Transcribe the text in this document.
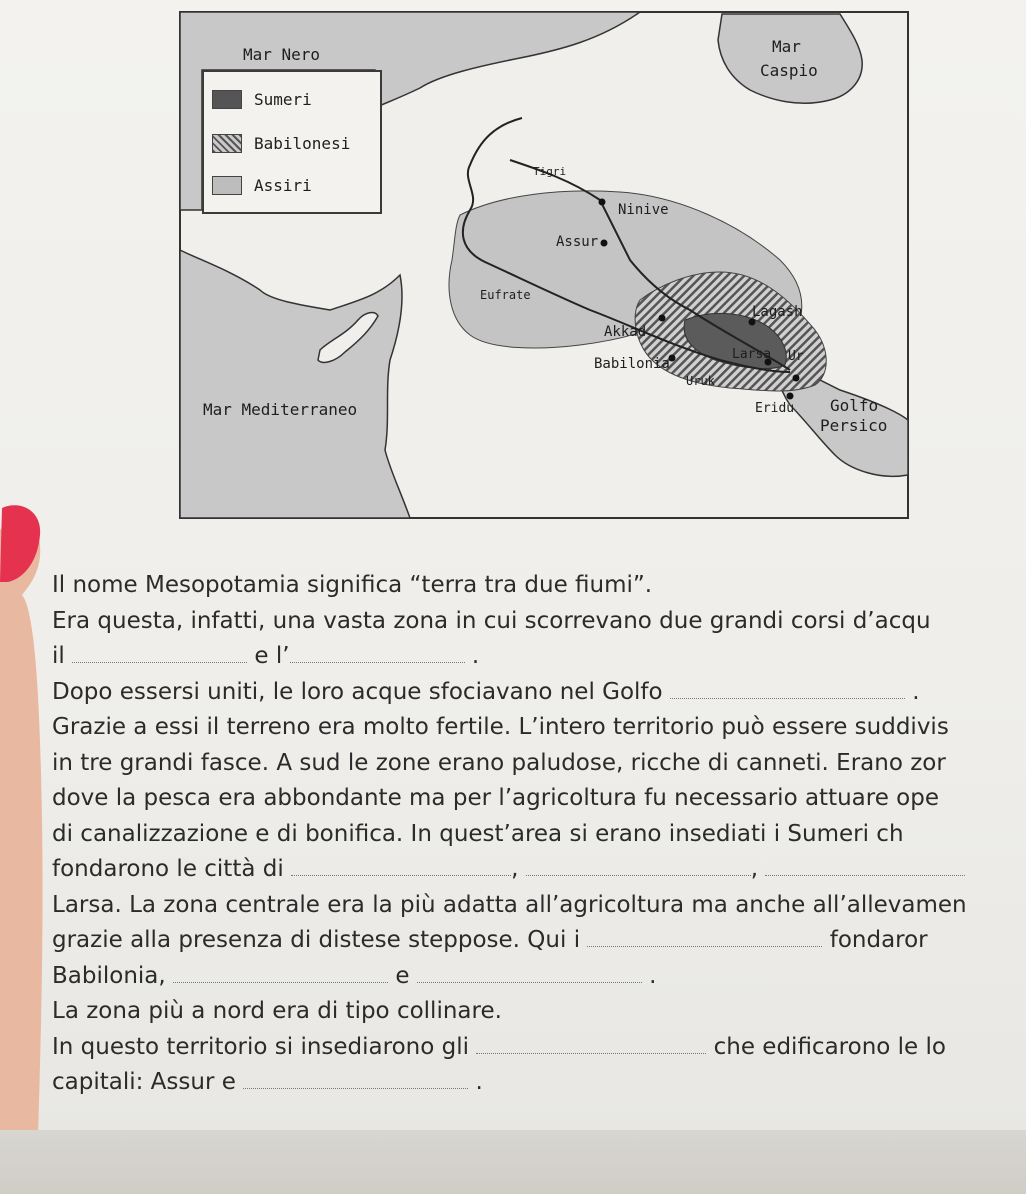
Mar Nero	Mar
Caspio
Mar Mediterraneo	Golfo
Persico
Tigri
Eufrate
Ninive
Assur
Akkad
Babilonia
Lagash
Larsa Ur
Uruk
Eridu
Sumeri
Babilonesi
Assiri
Il nome Mesopotamia significa “terra tra due fiumi”.
Era questa, infatti, una vasta zona in cui scorrevano due grandi corsi d’acqu
il	e l’	.
Dopo essersi uniti, le loro acque sfociavano nel Golfo	.
Grazie a essi il terreno era molto fertile. L’intero territorio può essere suddivis
in tre grandi fasce. A sud le zone erano paludose, ricche di canneti. Erano zor
dove la pesca era abbondante ma per l’agricoltura fu necessario attuare ope
di canalizzazione e di bonifica. In quest’area si erano insediati i Sumeri ch
fondarono le città di	,	,
Larsa. La zona centrale era la più adatta all’agricoltura ma anche all’allevamen
grazie alla presenza di distese steppose. Qui i	fondaror
Babilonia,	e	.
La zona più a nord era di tipo collinare.
In questo territorio si insediarono gli	che edificarono le lo
capitali: Assur e	.
